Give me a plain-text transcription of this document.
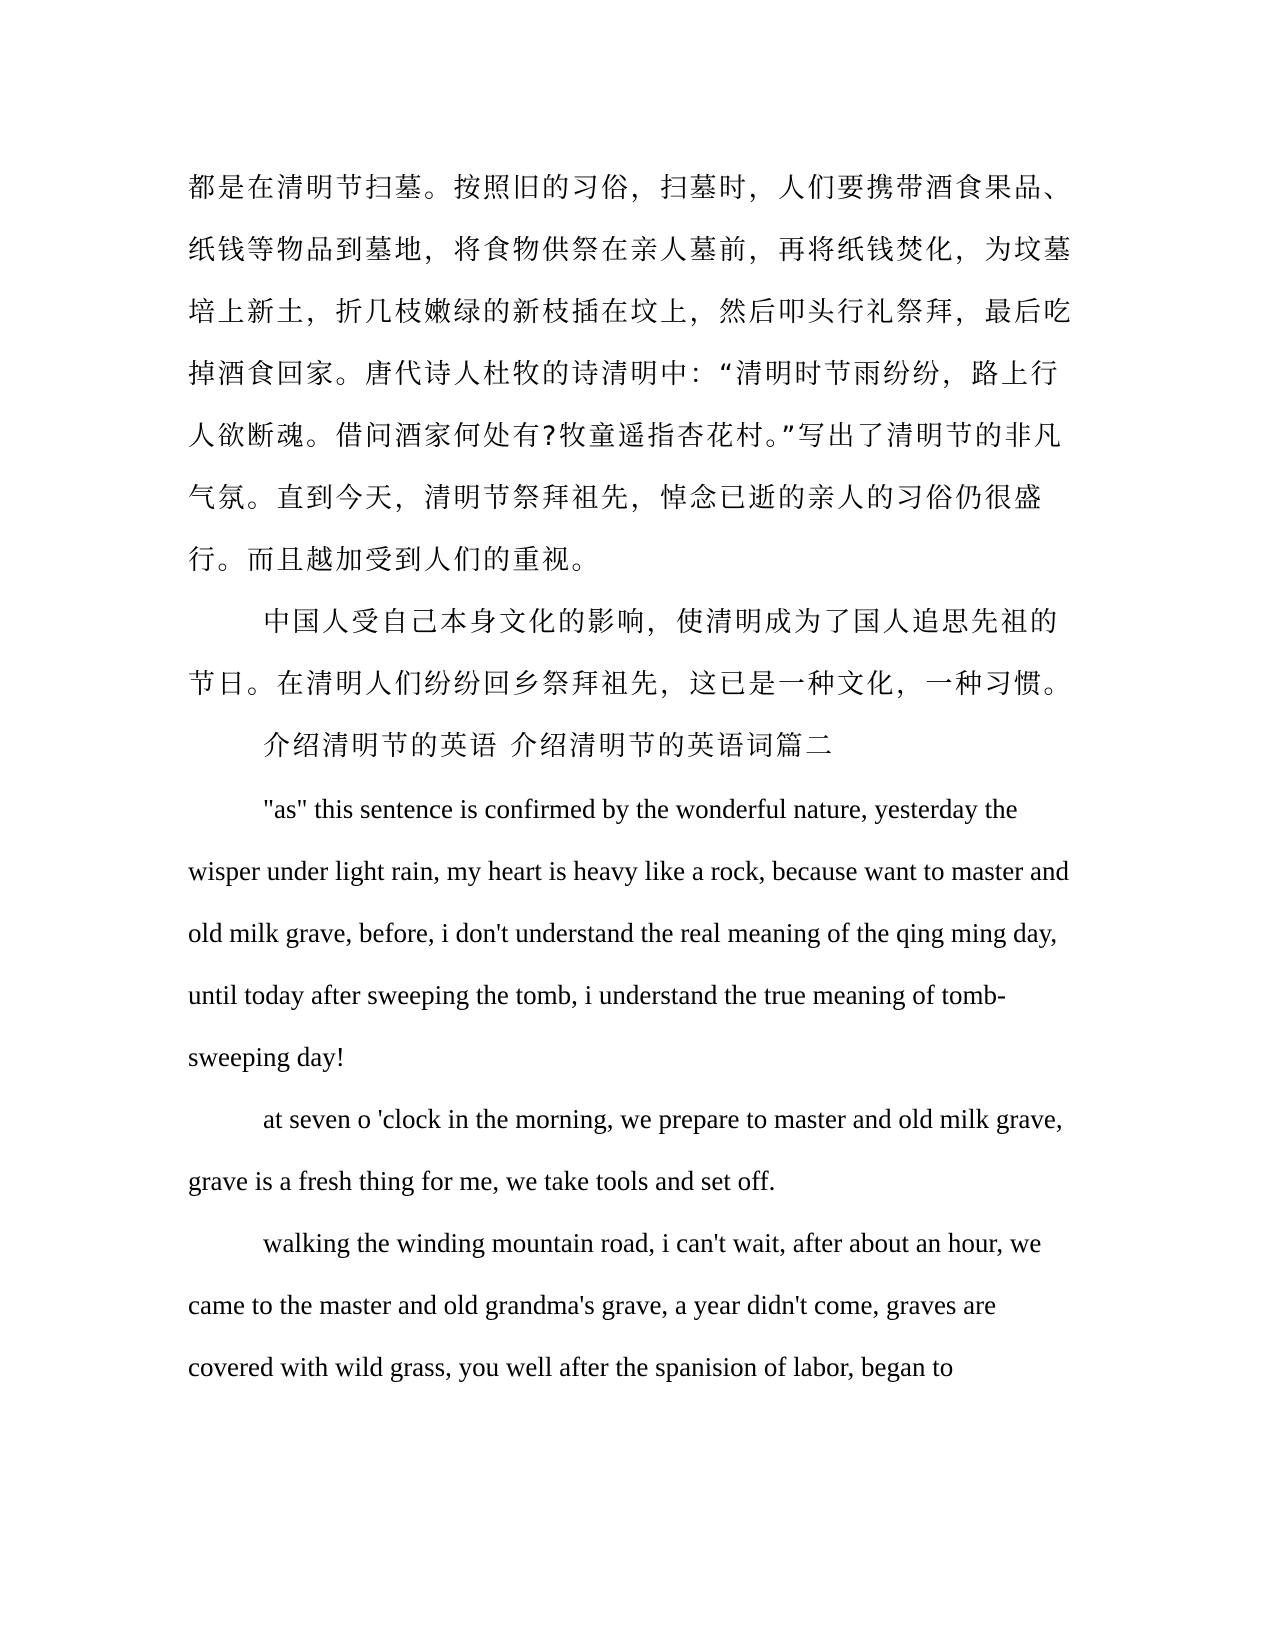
都是在清明节扫墓。按照旧的习俗，扫墓时，人们要携带酒食果品、纸钱等物品到墓地，将食物供祭在亲人墓前，再将纸钱焚化，为坟墓培上新土，折几枝嫩绿的新枝插在坟上，然后叩头行礼祭拜，最后吃掉酒食回家。唐代诗人杜牧的诗清明中：“清明时节雨纷纷，路上行人欲断魂。借问酒家何处有?牧童遥指杏花村。”写出了清明节的非凡气氛。直到今天，清明节祭拜祖先，悼念已逝的亲人的习俗仍很盛行。而且越加受到人们的重视。

中国人受自己本身文化的影响，使清明成为了国人追思先祖的节日。在清明人们纷纷回乡祭拜祖先，这已是一种文化，一种习惯。

介绍清明节的英语 介绍清明节的英语词篇二

"as" this sentence is confirmed by the wonderful nature, yesterday the wisper under light rain, my heart is heavy like a rock, because want to master and old milk grave, before, i don't understand the real meaning of the qing ming day, until today after sweeping the tomb, i understand the true meaning of tomb-sweeping day!

at seven o 'clock in the morning, we prepare to master and old milk grave, grave is a fresh thing for me, we take tools and set off.

walking the winding mountain road, i can't wait, after about an hour, we came to the master and old grandma's grave, a year didn't come, graves are covered with wild grass, you well after the spanision of labor, began to
